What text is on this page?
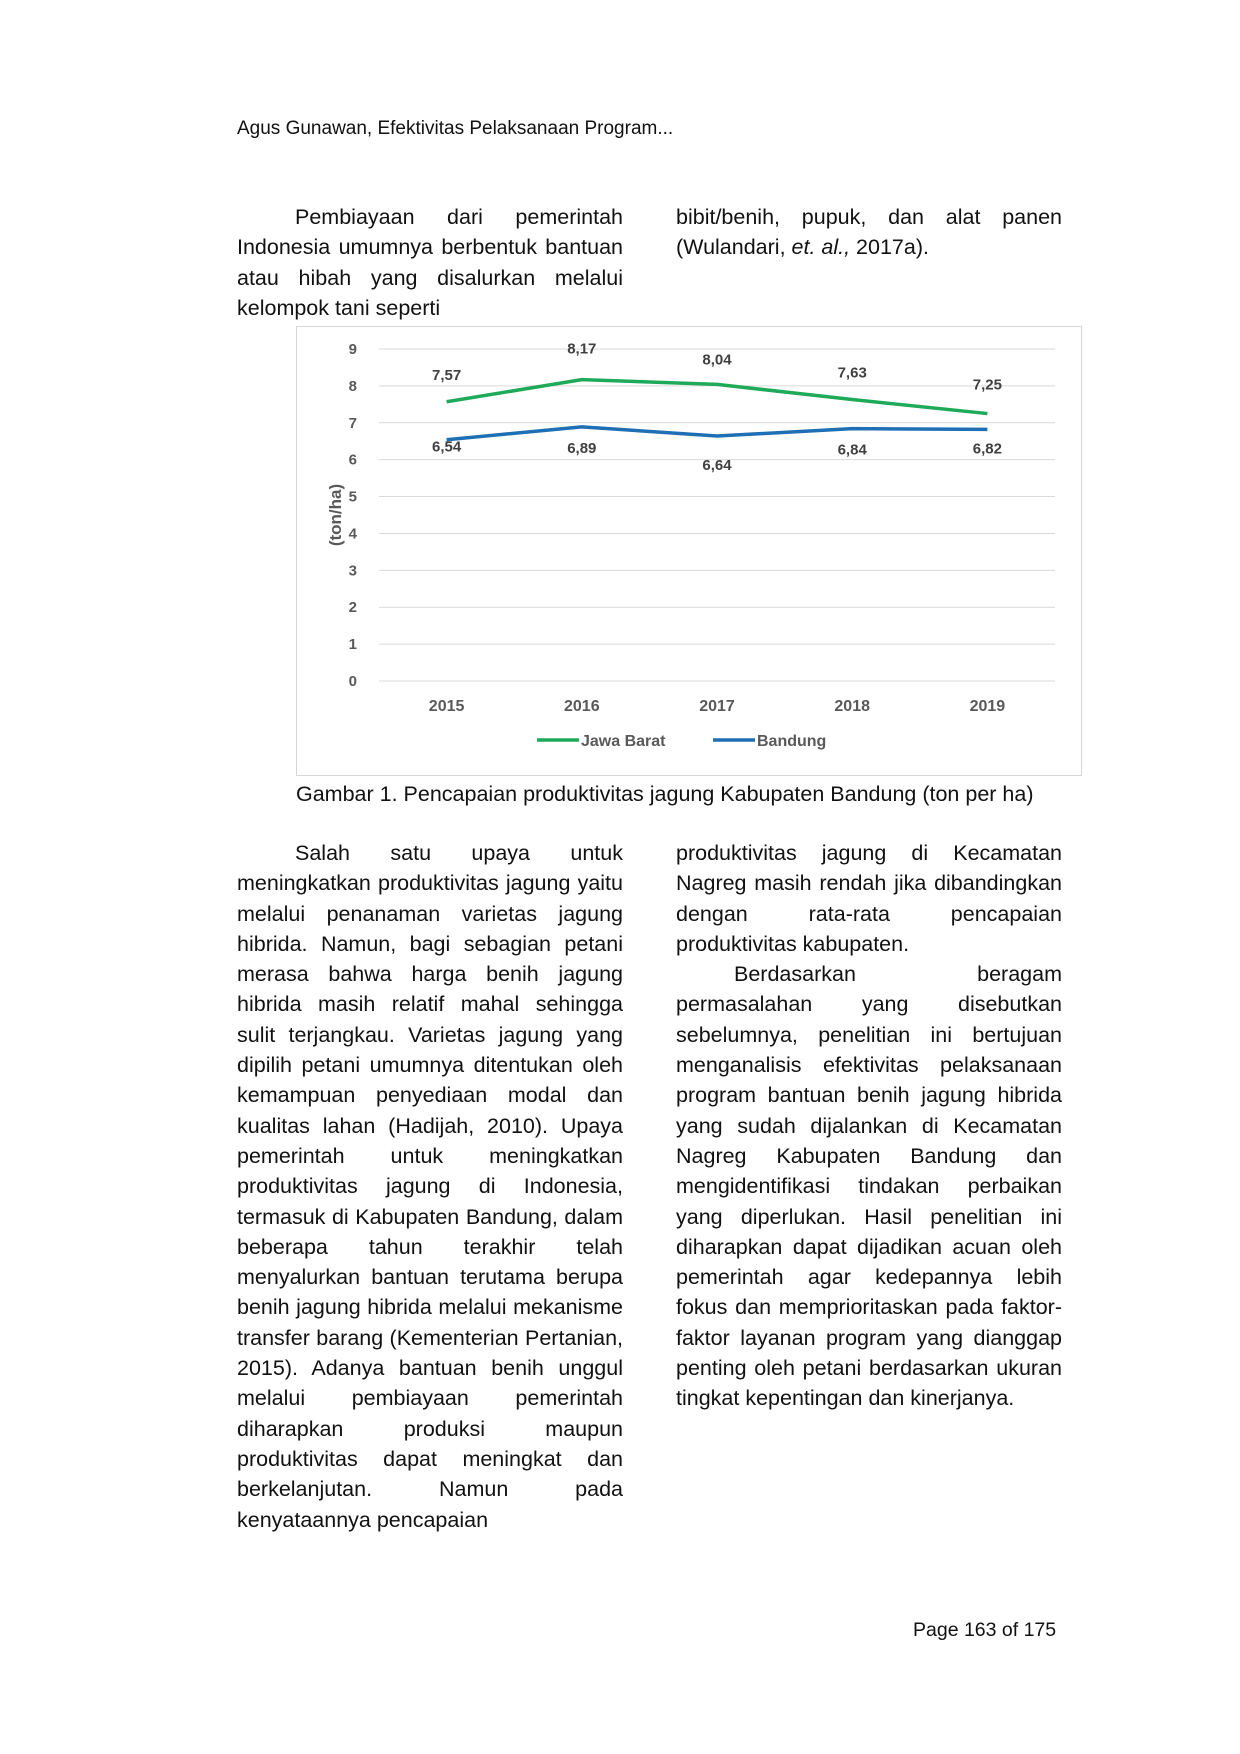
Agus Gunawan, Efektivitas Pelaksanaan Program...

Pembiayaan dari pemerintah Indonesia umumnya berbentuk bantuan atau hibah yang disalurkan melalui kelompok tani seperti

bibit/benih, pupuk, dan alat panen (Wulandari, et. al., 2017a).

0
1
2
3
4
5
6
7
8
9
(ton/ha)
2015	2016	2017	2018	2019
7,57
8,17
8,04
7,63
7,25
6,54	6,89
6,64
6,84	6,82
Jawa Barat	Bandung
Gambar 1. Pencapaian produktivitas jagung Kabupaten Bandung (ton per ha)

Salah satu upaya untuk meningkatkan produktivitas jagung yaitu melalui penanaman varietas jagung hibrida. Namun, bagi sebagian petani merasa bahwa harga benih jagung hibrida masih relatif mahal sehingga sulit terjangkau. Varietas jagung yang dipilih petani umumnya ditentukan oleh kemampuan penyediaan modal dan kualitas lahan (Hadijah, 2010). Upaya pemerintah untuk meningkatkan produktivitas jagung di Indonesia, termasuk di Kabupaten Bandung, dalam beberapa tahun terakhir telah menyalurkan bantuan terutama berupa benih jagung hibrida melalui mekanisme transfer barang (Kementerian Pertanian, 2015). Adanya bantuan benih unggul melalui pembiayaan pemerintah diharapkan produksi maupun produktivitas dapat meningkat dan berkelanjutan. Namun pada kenyataannya pencapaian

produktivitas jagung di Kecamatan Nagreg masih rendah jika dibandingkan dengan rata-rata pencapaian produktivitas kabupaten.

Berdasarkan beragam permasalahan yang disebutkan sebelumnya, penelitian ini bertujuan menganalisis efektivitas pelaksanaan program bantuan benih jagung hibrida yang sudah dijalankan di Kecamatan Nagreg Kabupaten Bandung dan mengidentifikasi tindakan perbaikan yang diperlukan. Hasil penelitian ini diharapkan dapat dijadikan acuan oleh pemerintah agar kedepannya lebih fokus dan memprioritaskan pada faktor-faktor layanan program yang dianggap penting oleh petani berdasarkan ukuran tingkat kepentingan dan kinerjanya.

Page 163 of 175
